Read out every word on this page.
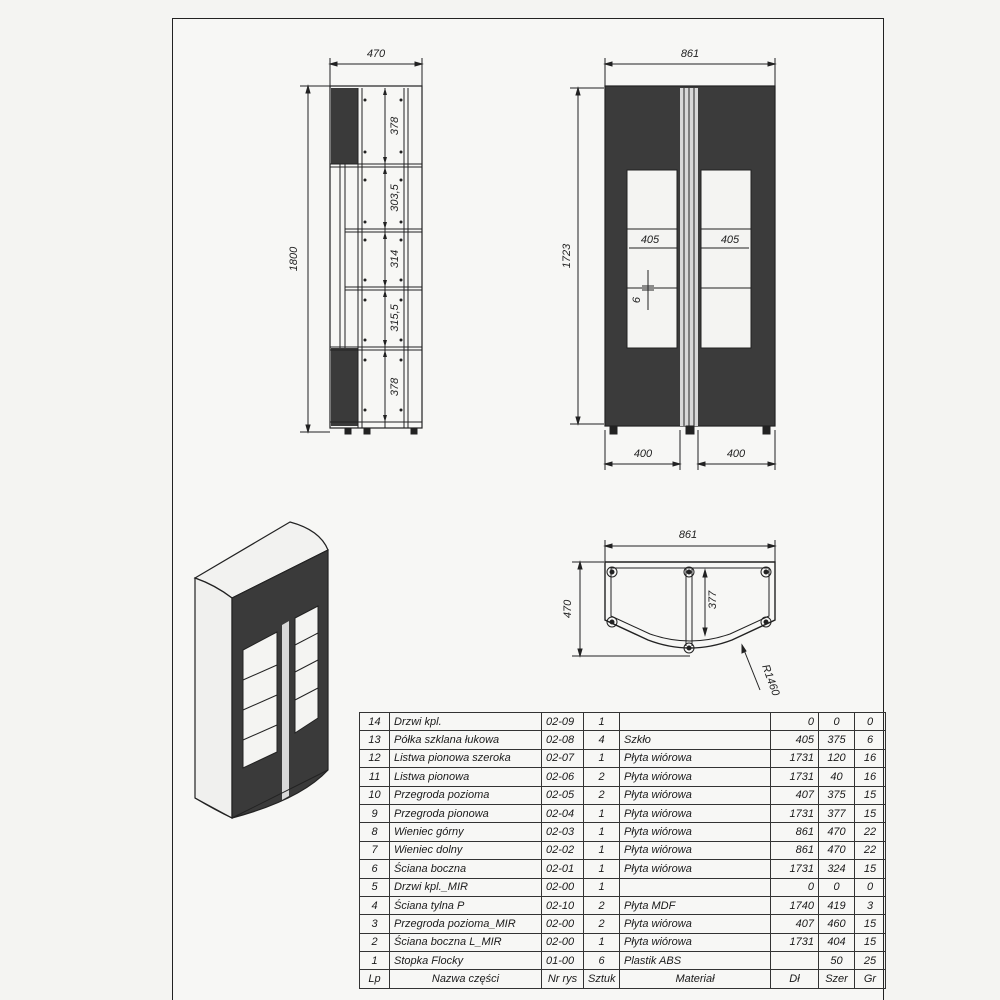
470
1800
378
303,5
314
315,5
378
861
1723
405	405
6
400	400
861
470	377
R1460
14	Drzwi kpl.	02-09	1		0	0	0
13	Półka szklana łukowa	02-08	4	Szkło	405	375	6
12	Listwa pionowa szeroka	02-07	1	Płyta wiórowa	1731	120	16
11	Listwa pionowa	02-06	2	Płyta wiórowa	1731	40	16
10	Przegroda pozioma	02-05	2	Płyta wiórowa	407	375	15
9	Przegroda pionowa	02-04	1	Płyta wiórowa	1731	377	15
8	Wieniec górny	02-03	1	Płyta wiórowa	861	470	22
7	Wieniec dolny	02-02	1	Płyta wiórowa	861	470	22
6	Ściana boczna	02-01	1	Płyta wiórowa	1731	324	15
5	Drzwi kpl._MIR	02-00	1		0	0	0
4	Ściana tylna P	02-10	2	Płyta MDF	1740	419	3
3	Przegroda pozioma_MIR	02-00	2	Płyta wiórowa	407	460	15
2	Ściana boczna L_MIR	02-00	1	Płyta wiórowa	1731	404	15
1	Stopka Flocky	01-00	6	Plastik ABS		50	25
Lp	Nazwa części	Nr rys	Sztuk	Materiał	Dł	Szer	Gr
